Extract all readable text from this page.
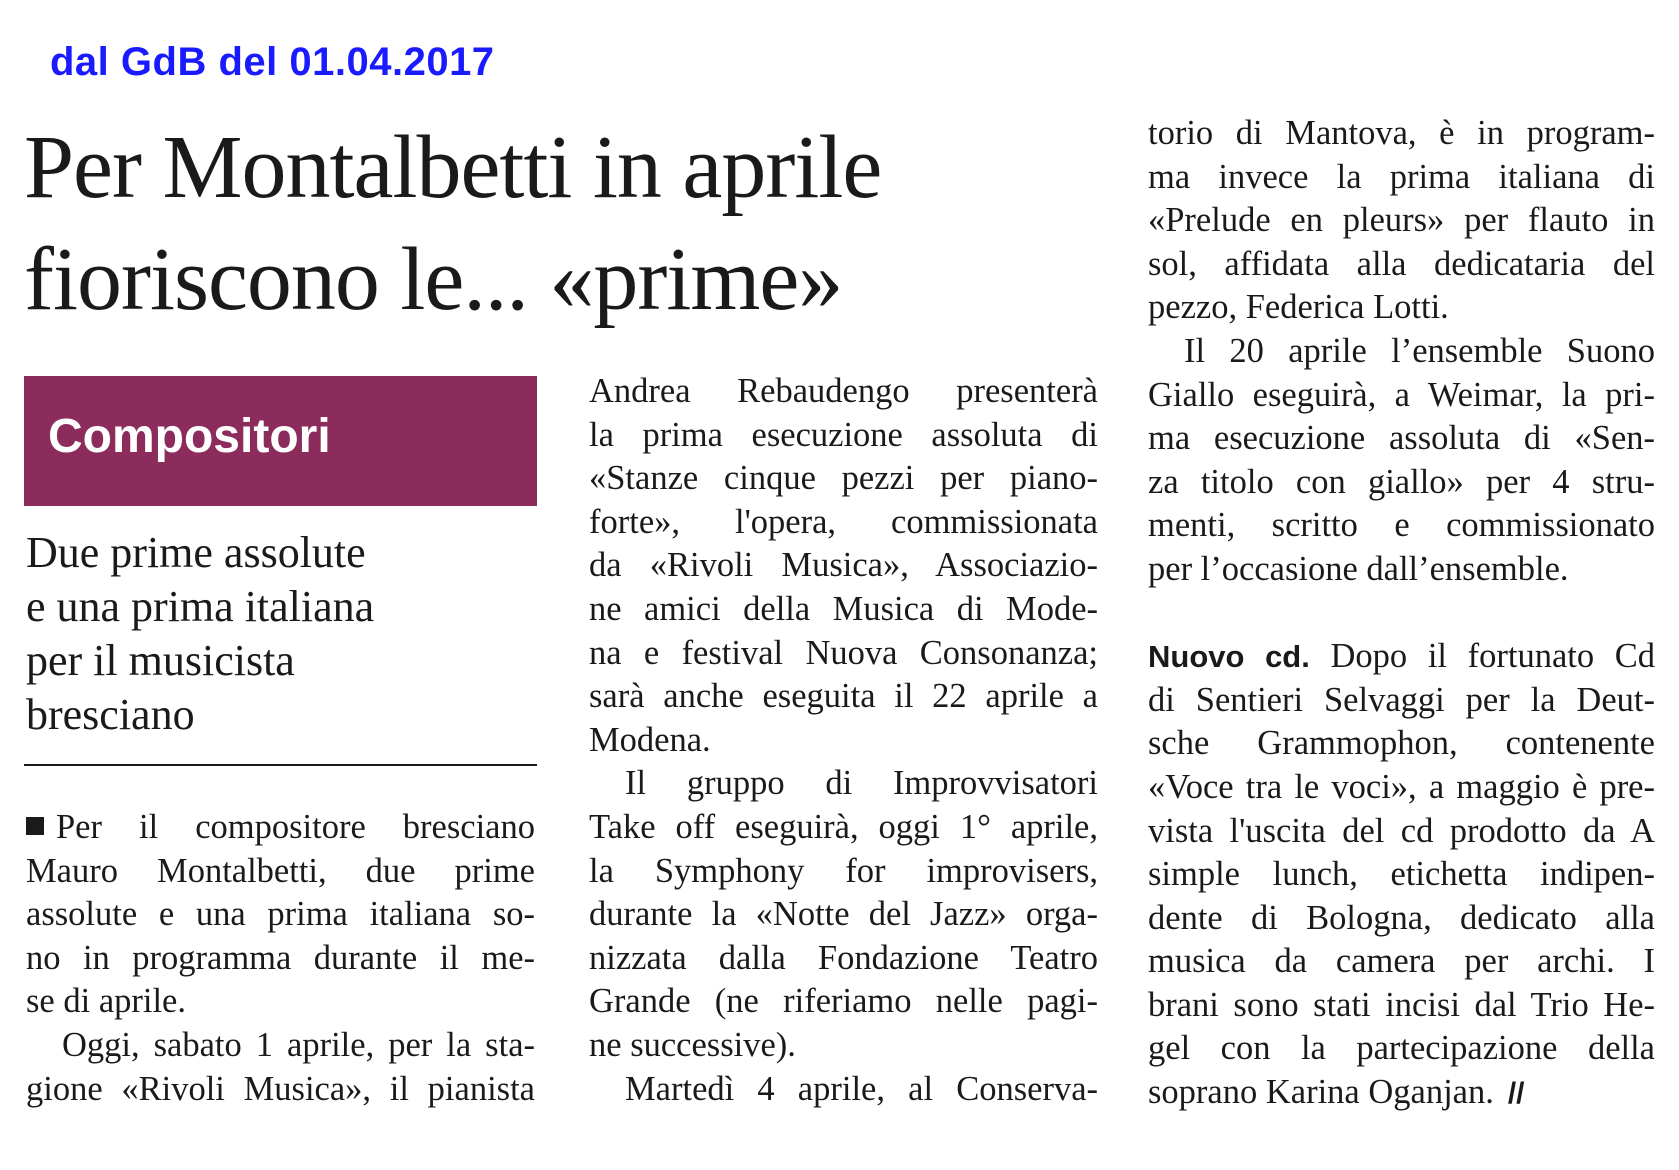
dal GdB del 01.04.2017
Per Montalbetti in aprile
fioriscono le... «prime»
Compositori
Due prime assolute
e una prima italiana
per il musicista
bresciano
Per il compositore bresciano
Mauro Montalbetti, due prime
assolute e una prima italiana so-
no in programma durante il me-
se di aprile.
Oggi, sabato 1 aprile, per la sta-
gione «Rivoli Musica», il pianista
Andrea Rebaudengo presenterà
la prima esecuzione assoluta di
«Stanze cinque pezzi per piano-
forte», l'opera, commissionata
da «Rivoli Musica», Associazio-
ne amici della Musica di Mode-
na e festival Nuova Consonanza;
sarà anche eseguita il 22 aprile a
Modena.
Il gruppo di Improvvisatori
Take off eseguirà, oggi 1° aprile,
la Symphony for improvisers,
durante la «Notte del Jazz» orga-
nizzata dalla Fondazione Teatro
Grande (ne riferiamo nelle pagi-
ne successive).
Martedì 4 aprile, al Conserva-
torio di Mantova, è in program-
ma invece la prima italiana di
«Prelude en pleurs» per flauto in
sol, affidata alla dedicataria del
pezzo, Federica Lotti.
Il 20 aprile l’ensemble Suono
Giallo eseguirà, a Weimar, la pri-
ma esecuzione assoluta di «Sen-
za titolo con giallo» per 4 stru-
menti, scritto e commissionato
per l’occasione dall’ensemble.
Nuovo cd. Dopo il fortunato Cd
di Sentieri Selvaggi per la Deut-
sche Grammophon, contenente
«Voce tra le voci», a maggio è pre-
vista l'uscita del cd prodotto da A
simple lunch, etichetta indipen-
dente di Bologna, dedicato alla
musica da camera per archi. I
brani sono stati incisi dal Trio He-
gel con la partecipazione della
soprano Karina Oganjan. //
